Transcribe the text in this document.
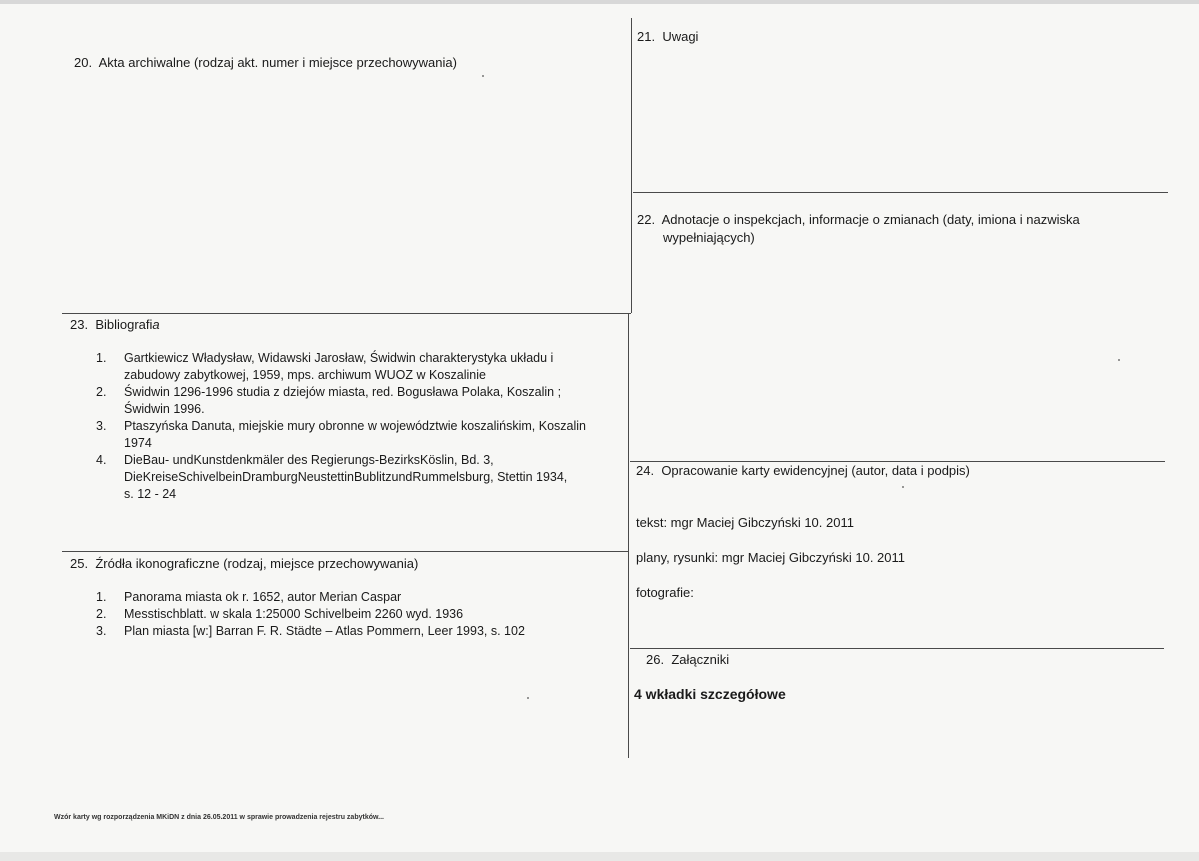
20. Akta archiwalne (rodzaj akt. numer i miejsce przechowywania)
21. Uwagi
22. Adnotacje o inspekcjach, informacje o zmianach (daty, imiona i nazwiska
wypełniających)
23. Bibliografia
1. Gartkiewicz Władysław, Widawski Jarosław, Świdwin charakterystyka układu i
zabudowy zabytkowej, 1959, mps. archiwum WUOZ w Koszalinie
2. Świdwin 1296-1996 studia z dziejów miasta, red. Bogusława Polaka, Koszalin ;
Świdwin 1996.
3. Ptaszyńska Danuta, miejskie mury obronne w województwie koszalińskim, Koszalin
1974
4. DieBau- undKunstdenkmäler des Regierungs-BezirksKöslin, Bd. 3,
DieKreiseSchivelbeinDramburgNeustettinBublitzundRummelsburg, Stettin 1934,
s. 12 - 24
24. Opracowanie karty ewidencyjnej (autor, data i podpis)
tekst: mgr Maciej Gibczyński 10. 2011
plany, rysunki: mgr Maciej Gibczyński 10. 2011
fotografie:
25. Źródła ikonograficzne (rodzaj, miejsce przechowywania)
1. Panorama miasta ok r. 1652, autor Merian Caspar
2. Messtischblatt. w skala 1:25000 Schivelbeim 2260 wyd. 1936
3. Plan miasta [w:] Barran F. R. Städte – Atlas Pommern, Leer 1993, s. 102
26. Załączniki
4 wkładki szczegółowe
Wzór karty wg rozporządzenia MKiDN z dnia 26.05.2011 w sprawie prowadzenia rejestru zabytków...
